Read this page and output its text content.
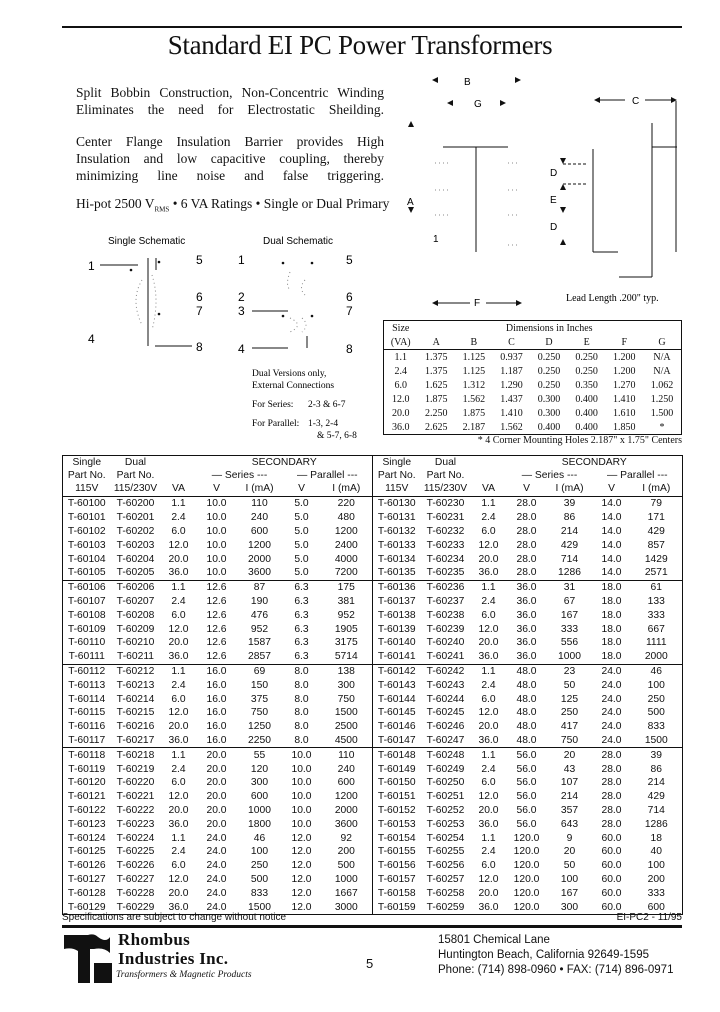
Standard EI PC Power Transformers
Split Bobbin Construction, Non-Concentric Winding Eliminates the need for Electrostatic Sheilding.
Center Flange Insulation Barrier provides High Insulation and low capacitive coupling, thereby minimizing line noise and false triggering.
Hi-pot 2500 $V_{RMS}$ • 6 VA Ratings • Single or Dual Primary
Single Schematic	Dual Schematic
1
4
5
6
7
8
1
2
3
4
5
6
7
8
Dual Versions only,
External Connections
For Series: 2-3 & 6-7
For Parallel: 1-3, 2-4
& 5-7, 6-8
B
G
A
1
F
C
D
E
D
Lead Length .200" typ.
Size	Dimensions in Inches						
(VA)	A	B	C	D	E	F	G
1.1	1.375	1.125	0.937	0.250	0.250	1.200	N/A
2.4	1.375	1.125	1.187	0.250	0.250	1.200	N/A
6.0	1.625	1.312	1.290	0.250	0.350	1.270	1.062
12.0	1.875	1.562	1.437	0.300	0.400	1.410	1.250
20.0	2.250	1.875	1.410	0.300	0.400	1.610	1.500
36.0	2.625	2.187	1.562	0.400	0.400	1.850	*
* 4 Corner Mounting Holes 2.187" x 1.75" Centers
Single	Dual		SECONDARY			
Part No.	Part No.		— Series ---		— Parallel ---	
115V	115/230V	VA	V	I (mA)	V	I (mA)
T-60100	T-60200	1.1	10.0	110	5.0	220
T-60101	T-60201	2.4	10.0	240	5.0	480
T-60102	T-60202	6.0	10.0	600	5.0	1200
T-60103	T-60203	12.0	10.0	1200	5.0	2400
T-60104	T-60204	20.0	10.0	2000	5.0	4000
T-60105	T-60205	36.0	10.0	3600	5.0	7200
T-60106	T-60206	1.1	12.6	87	6.3	175
T-60107	T-60207	2.4	12.6	190	6.3	381
T-60108	T-60208	6.0	12.6	476	6.3	952
T-60109	T-60209	12.0	12.6	952	6.3	1905
T-60110	T-60210	20.0	12.6	1587	6.3	3175
T-60111	T-60211	36.0	12.6	2857	6.3	5714
T-60112	T-60212	1.1	16.0	69	8.0	138
T-60113	T-60213	2.4	16.0	150	8.0	300
T-60114	T-60214	6.0	16.0	375	8.0	750
T-60115	T-60215	12.0	16.0	750	8.0	1500
T-60116	T-60216	20.0	16.0	1250	8.0	2500
T-60117	T-60217	36.0	16.0	2250	8.0	4500
T-60118	T-60218	1.1	20.0	55	10.0	110
T-60119	T-60219	2.4	20.0	120	10.0	240
T-60120	T-60220	6.0	20.0	300	10.0	600
T-60121	T-60221	12.0	20.0	600	10.0	1200
T-60122	T-60222	20.0	20.0	1000	10.0	2000
T-60123	T-60223	36.0	20.0	1800	10.0	3600
T-60124	T-60224	1.1	24.0	46	12.0	92
T-60125	T-60225	2.4	24.0	100	12.0	200
T-60126	T-60226	6.0	24.0	250	12.0	500
T-60127	T-60227	12.0	24.0	500	12.0	1000
T-60128	T-60228	20.0	24.0	833	12.0	1667
T-60129	T-60229	36.0	24.0	1500	12.0	3000
Single	Dual		SECONDARY			
Part No.	Part No.		— Series ---		— Parallel ---	
115V	115/230V	VA	V	I (mA)	V	I (mA)
T-60130	T-60230	1.1	28.0	39	14.0	79
T-60131	T-60231	2.4	28.0	86	14.0	171
T-60132	T-60232	6.0	28.0	214	14.0	429
T-60133	T-60233	12.0	28.0	429	14.0	857
T-60134	T-60234	20.0	28.0	714	14.0	1429
T-60135	T-60235	36.0	28.0	1286	14.0	2571
T-60136	T-60236	1.1	36.0	31	18.0	61
T-60137	T-60237	2.4	36.0	67	18.0	133
T-60138	T-60238	6.0	36.0	167	18.0	333
T-60139	T-60239	12.0	36.0	333	18.0	667
T-60140	T-60240	20.0	36.0	556	18.0	1111
T-60141	T-60241	36.0	36.0	1000	18.0	2000
T-60142	T-60242	1.1	48.0	23	24.0	46
T-60143	T-60243	2.4	48.0	50	24.0	100
T-60144	T-60244	6.0	48.0	125	24.0	250
T-60145	T-60245	12.0	48.0	250	24.0	500
T-60146	T-60246	20.0	48.0	417	24.0	833
T-60147	T-60247	36.0	48.0	750	24.0	1500
T-60148	T-60248	1.1	56.0	20	28.0	39
T-60149	T-60249	2.4	56.0	43	28.0	86
T-60150	T-60250	6.0	56.0	107	28.0	214
T-60151	T-60251	12.0	56.0	214	28.0	429
T-60152	T-60252	20.0	56.0	357	28.0	714
T-60153	T-60253	36.0	56.0	643	28.0	1286
T-60154	T-60254	1.1	120.0	9	60.0	18
T-60155	T-60255	2.4	120.0	20	60.0	40
T-60156	T-60256	6.0	120.0	50	60.0	100
T-60157	T-60257	12.0	120.0	100	60.0	200
T-60158	T-60258	20.0	120.0	167	60.0	333
T-60159	T-60259	36.0	120.0	300	60.0	600
Specifications are subject to change without notice	EI-PC2 - 11/95
Rhombus
Industries Inc.
Transformers & Magnetic Products
5
15801 Chemical Lane
Huntington Beach, California 92649-1595
Phone: (714) 898-0960 • FAX: (714) 896-0971
